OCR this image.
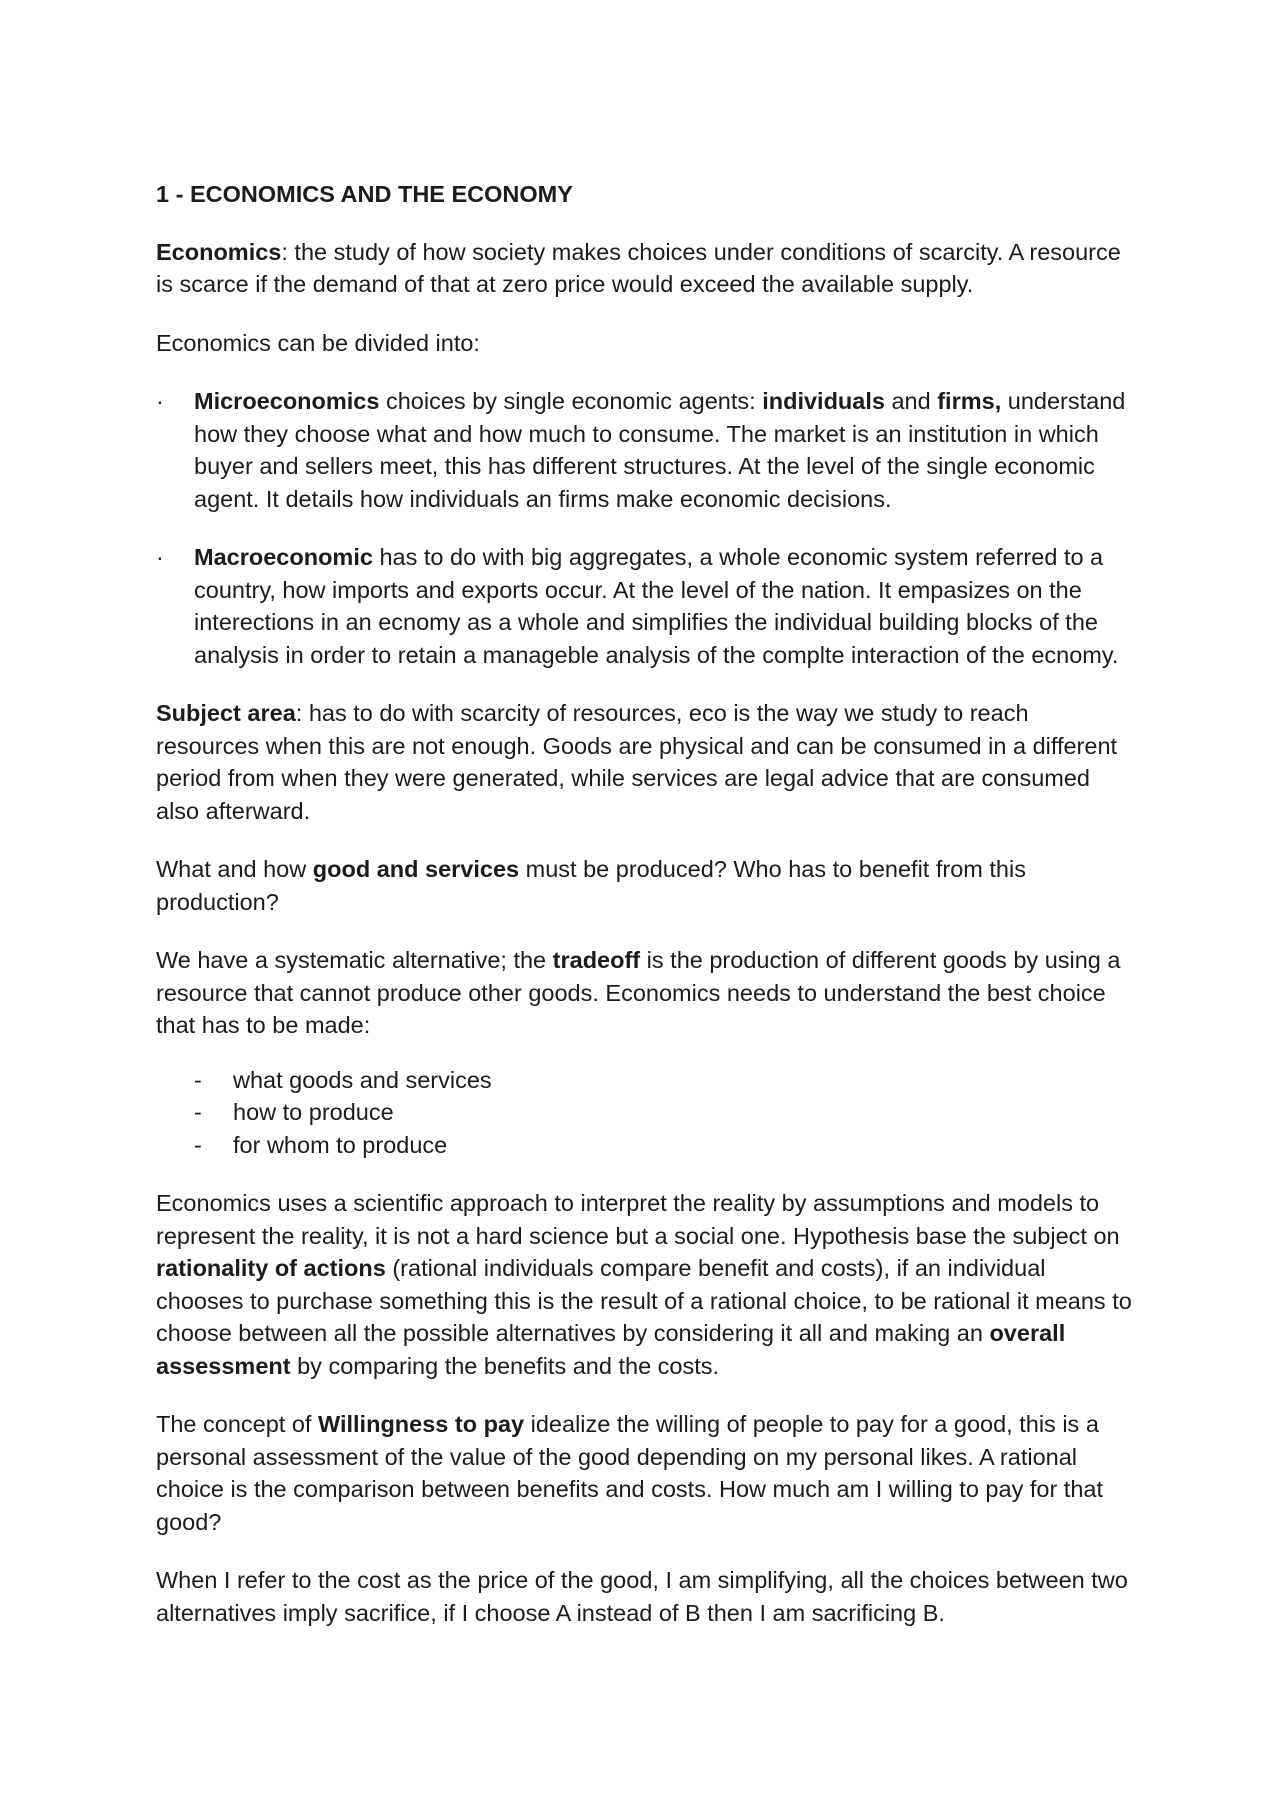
1 - ECONOMICS AND THE ECONOMY

Economics: the study of how society makes choices under conditions of scarcity. A resource is scarce if the demand of that at zero price would exceed the available supply.

Economics can be divided into:

·	Microeconomics choices by single economic agents: individuals and firms, understand how they choose what and how much to consume. The market is an institution in which buyer and sellers meet, this has different structures. At the level of the single economic agent. It details how individuals an firms make economic decisions.
·	Macroeconomic has to do with big aggregates, a whole economic system referred to a country, how imports and exports occur. At the level of the nation. It empasizes on the interections in an ecnomy as a whole and simplifies the individual building blocks of the analysis in order to retain a manageble analysis of the complte interaction of the ecnomy.

Subject area: has to do with scarcity of resources, eco is the way we study to reach resources when this are not enough. Goods are physical and can be consumed in a different period from when they were generated, while services are legal advice that are consumed also afterward.

What and how good and services must be produced? Who has to benefit from this production?

We have a systematic alternative; the tradeoff is the production of different goods by using a resource that cannot produce other goods. Economics needs to understand the best choice that has to be made:

- what goods and services
- how to produce
- for whom to produce

Economics uses a scientific approach to interpret the reality by assumptions and models to represent the reality, it is not a hard science but a social one. Hypothesis base the subject on rationality of actions (rational individuals compare benefit and costs), if an individual chooses to purchase something this is the result of a rational choice, to be rational it means to choose between all the possible alternatives by considering it all and making an overall assessment by comparing the benefits and the costs.

The concept of Willingness to pay idealize the willing of people to pay for a good, this is a personal assessment of the value of the good depending on my personal likes. A rational choice is the comparison between benefits and costs. How much am I willing to pay for that good?

When I refer to the cost as the price of the good, I am simplifying, all the choices between two alternatives imply sacrifice, if I choose A instead of B then I am sacrificing B.
